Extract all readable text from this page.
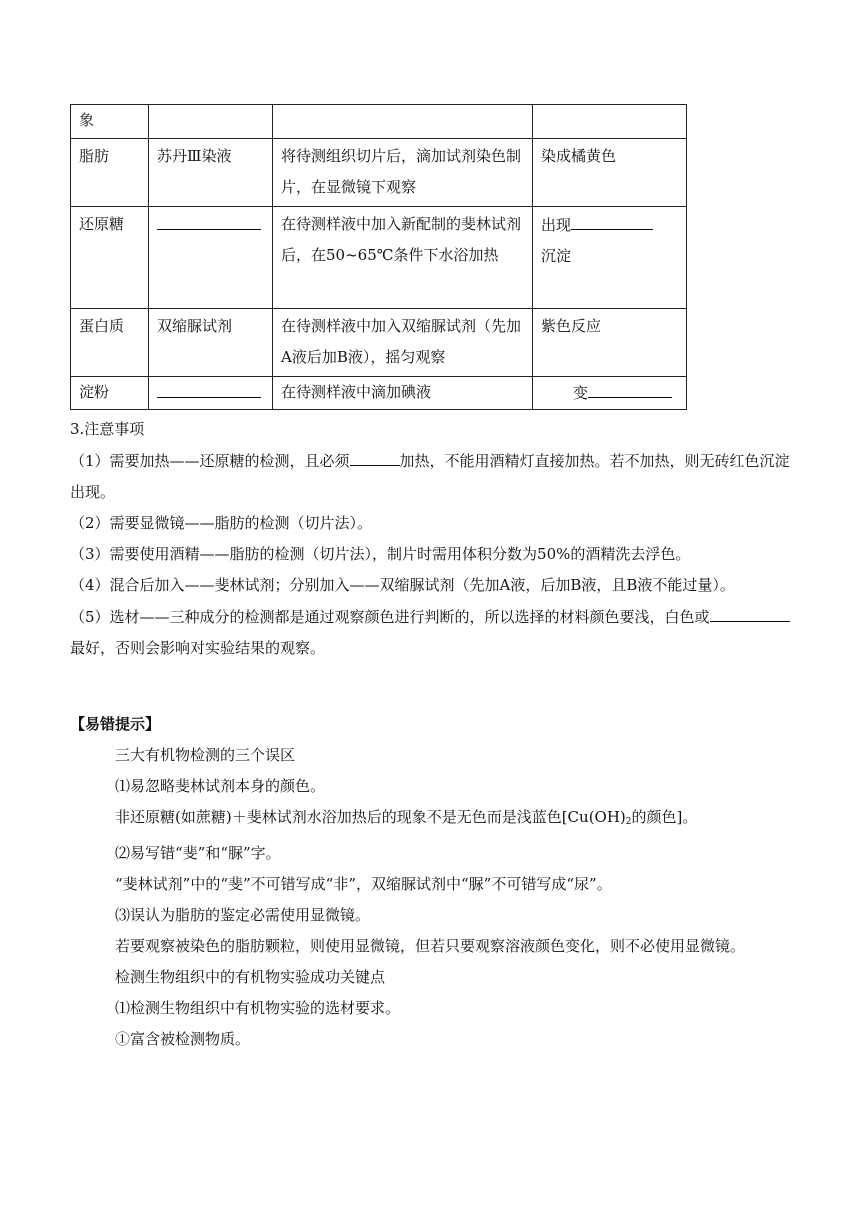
象			
脂肪	苏丹Ⅲ染液	将待测组织切片后，滴加试剂染色制片，在显微镜下观察	染成橘黄色
还原糖		在待测样液中加入新配制的斐林试剂后，在50~65℃条件下水浴加热	出现
沉淀
蛋白质	双缩脲试剂	在待测样液中加入双缩脲试剂（先加A液后加B液），摇匀观察	紫色反应
淀粉		在待测样液中滴加碘液	变

3.注意事项

（1）需要加热——还原糖的检测，且必须	加热，不能用酒精灯直接加热。若不加热，则无砖红色沉淀出现。

（2）需要显微镜——脂肪的检测（切片法）。

（3）需要使用酒精——脂肪的检测（切片法），制片时需用体积分数为50%的酒精洗去浮色。

（4）混合后加入——斐林试剂；分别加入——双缩脲试剂（先加A液，后加B液，且B液不能过量）。

（5）选材——三种成分的检测都是通过观察颜色进行判断的，所以选择的材料颜色要浅，白色或最好，否则会影响对实验结果的观察。

【易错提示】

三大有机物检测的三个误区

⑴易忽略斐林试剂本身的颜色。

非还原糖(如蔗糖)＋斐林试剂水浴加热后的现象不是无色而是浅蓝色[$Cu(OH)_2$的颜色]。

⑵易写错“斐”和“脲”字。

“斐林试剂”中的“斐”不可错写成“非”，双缩脲试剂中“脲”不可错写成“尿”。

⑶误认为脂肪的鉴定必需使用显微镜。

若要观察被染色的脂肪颗粒，则使用显微镜，但若只要观察溶液颜色变化，则不必使用显微镜。

检测生物组织中的有机物实验成功关键点

⑴检测生物组织中有机物实验的选材要求。

①富含被检测物质。
